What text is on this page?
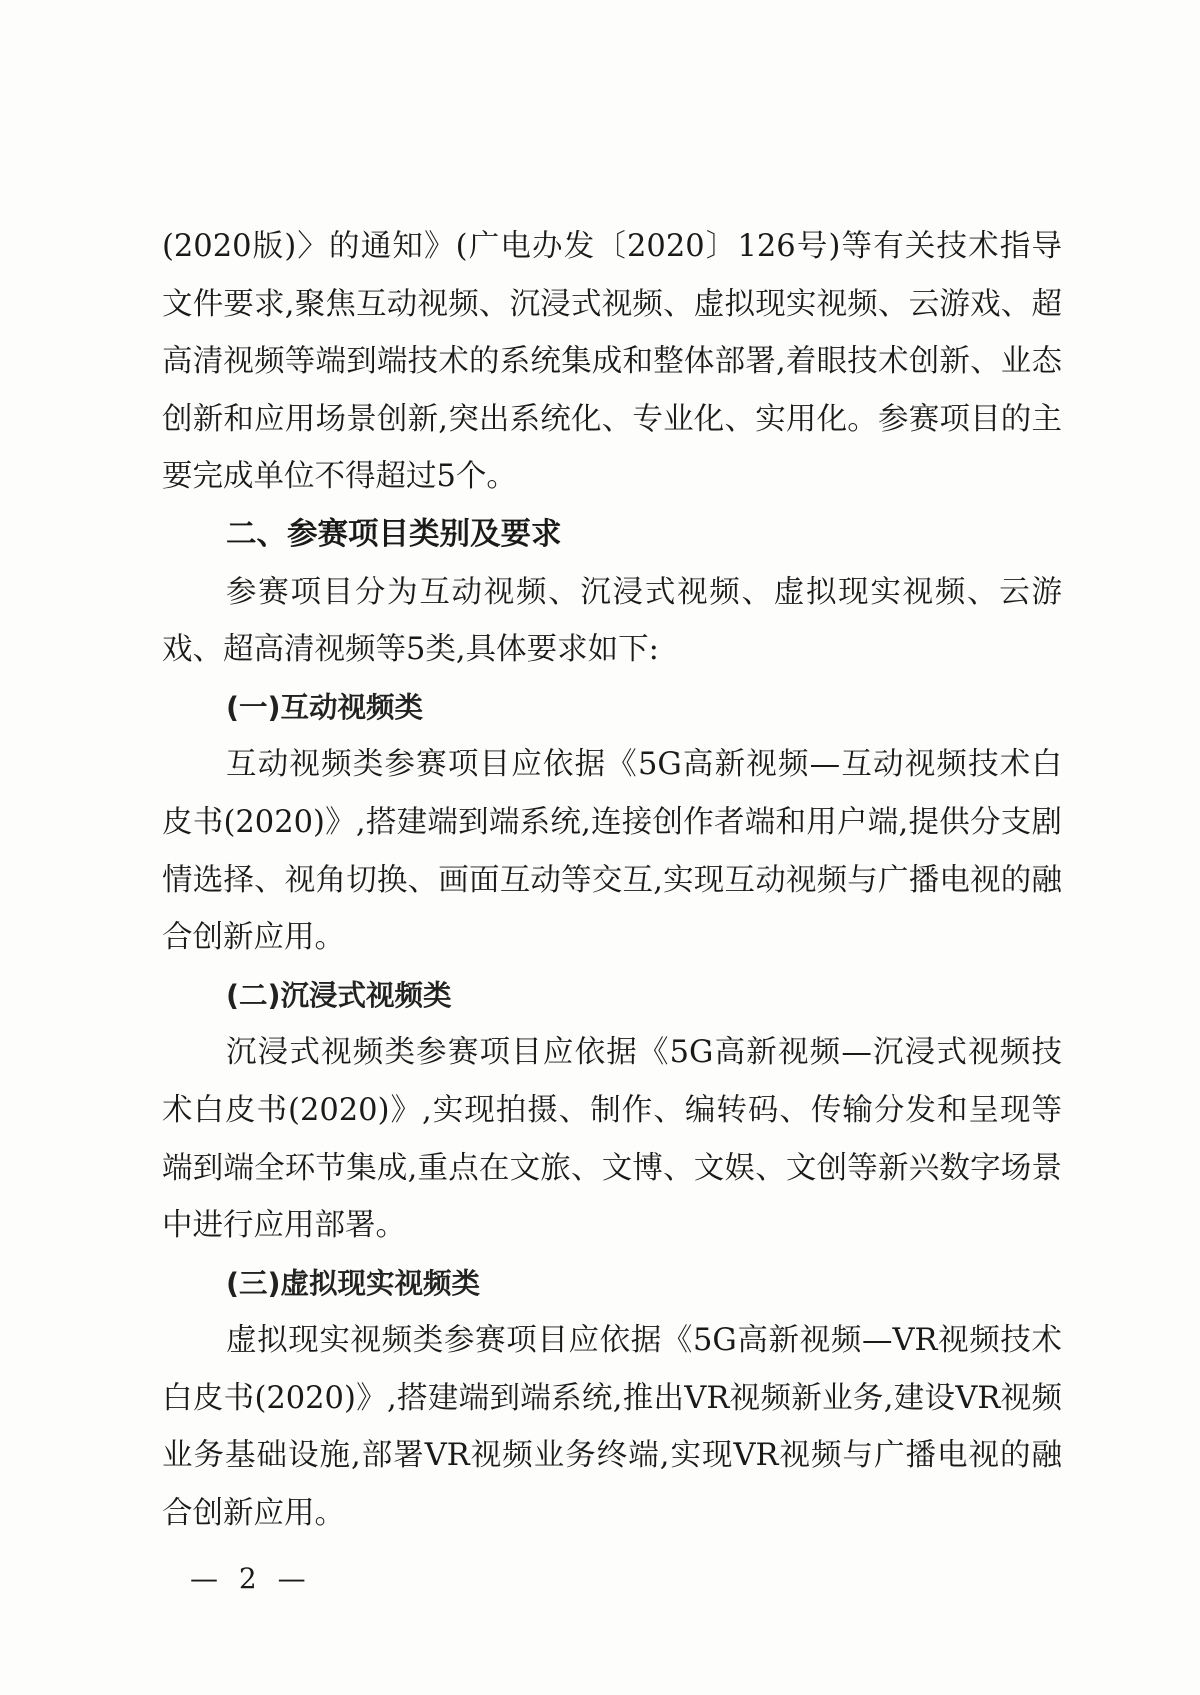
(2020版)〉的通知》(广电办发〔2020〕126号)等有关技术指导文件要求,聚焦互动视频、沉浸式视频、虚拟现实视频、云游戏、超高清视频等端到端技术的系统集成和整体部署,着眼技术创新、业态创新和应用场景创新,突出系统化、专业化、实用化。参赛项目的主要完成单位不得超过5个。

二、参赛项目类别及要求

参赛项目分为互动视频、沉浸式视频、虚拟现实视频、云游戏、超高清视频等5类,具体要求如下:

(一)互动视频类

互动视频类参赛项目应依据《5G高新视频—互动视频技术白皮书(2020)》,搭建端到端系统,连接创作者端和用户端,提供分支剧情选择、视角切换、画面互动等交互,实现互动视频与广播电视的融合创新应用。

(二)沉浸式视频类

沉浸式视频类参赛项目应依据《5G高新视频—沉浸式视频技术白皮书(2020)》,实现拍摄、制作、编转码、传输分发和呈现等端到端全环节集成,重点在文旅、文博、文娱、文创等新兴数字场景中进行应用部署。

(三)虚拟现实视频类

虚拟现实视频类参赛项目应依据《5G高新视频—VR视频技术白皮书(2020)》,搭建端到端系统,推出VR视频新业务,建设VR视频业务基础设施,部署VR视频业务终端,实现VR视频与广播电视的融合创新应用。

— 2 —
